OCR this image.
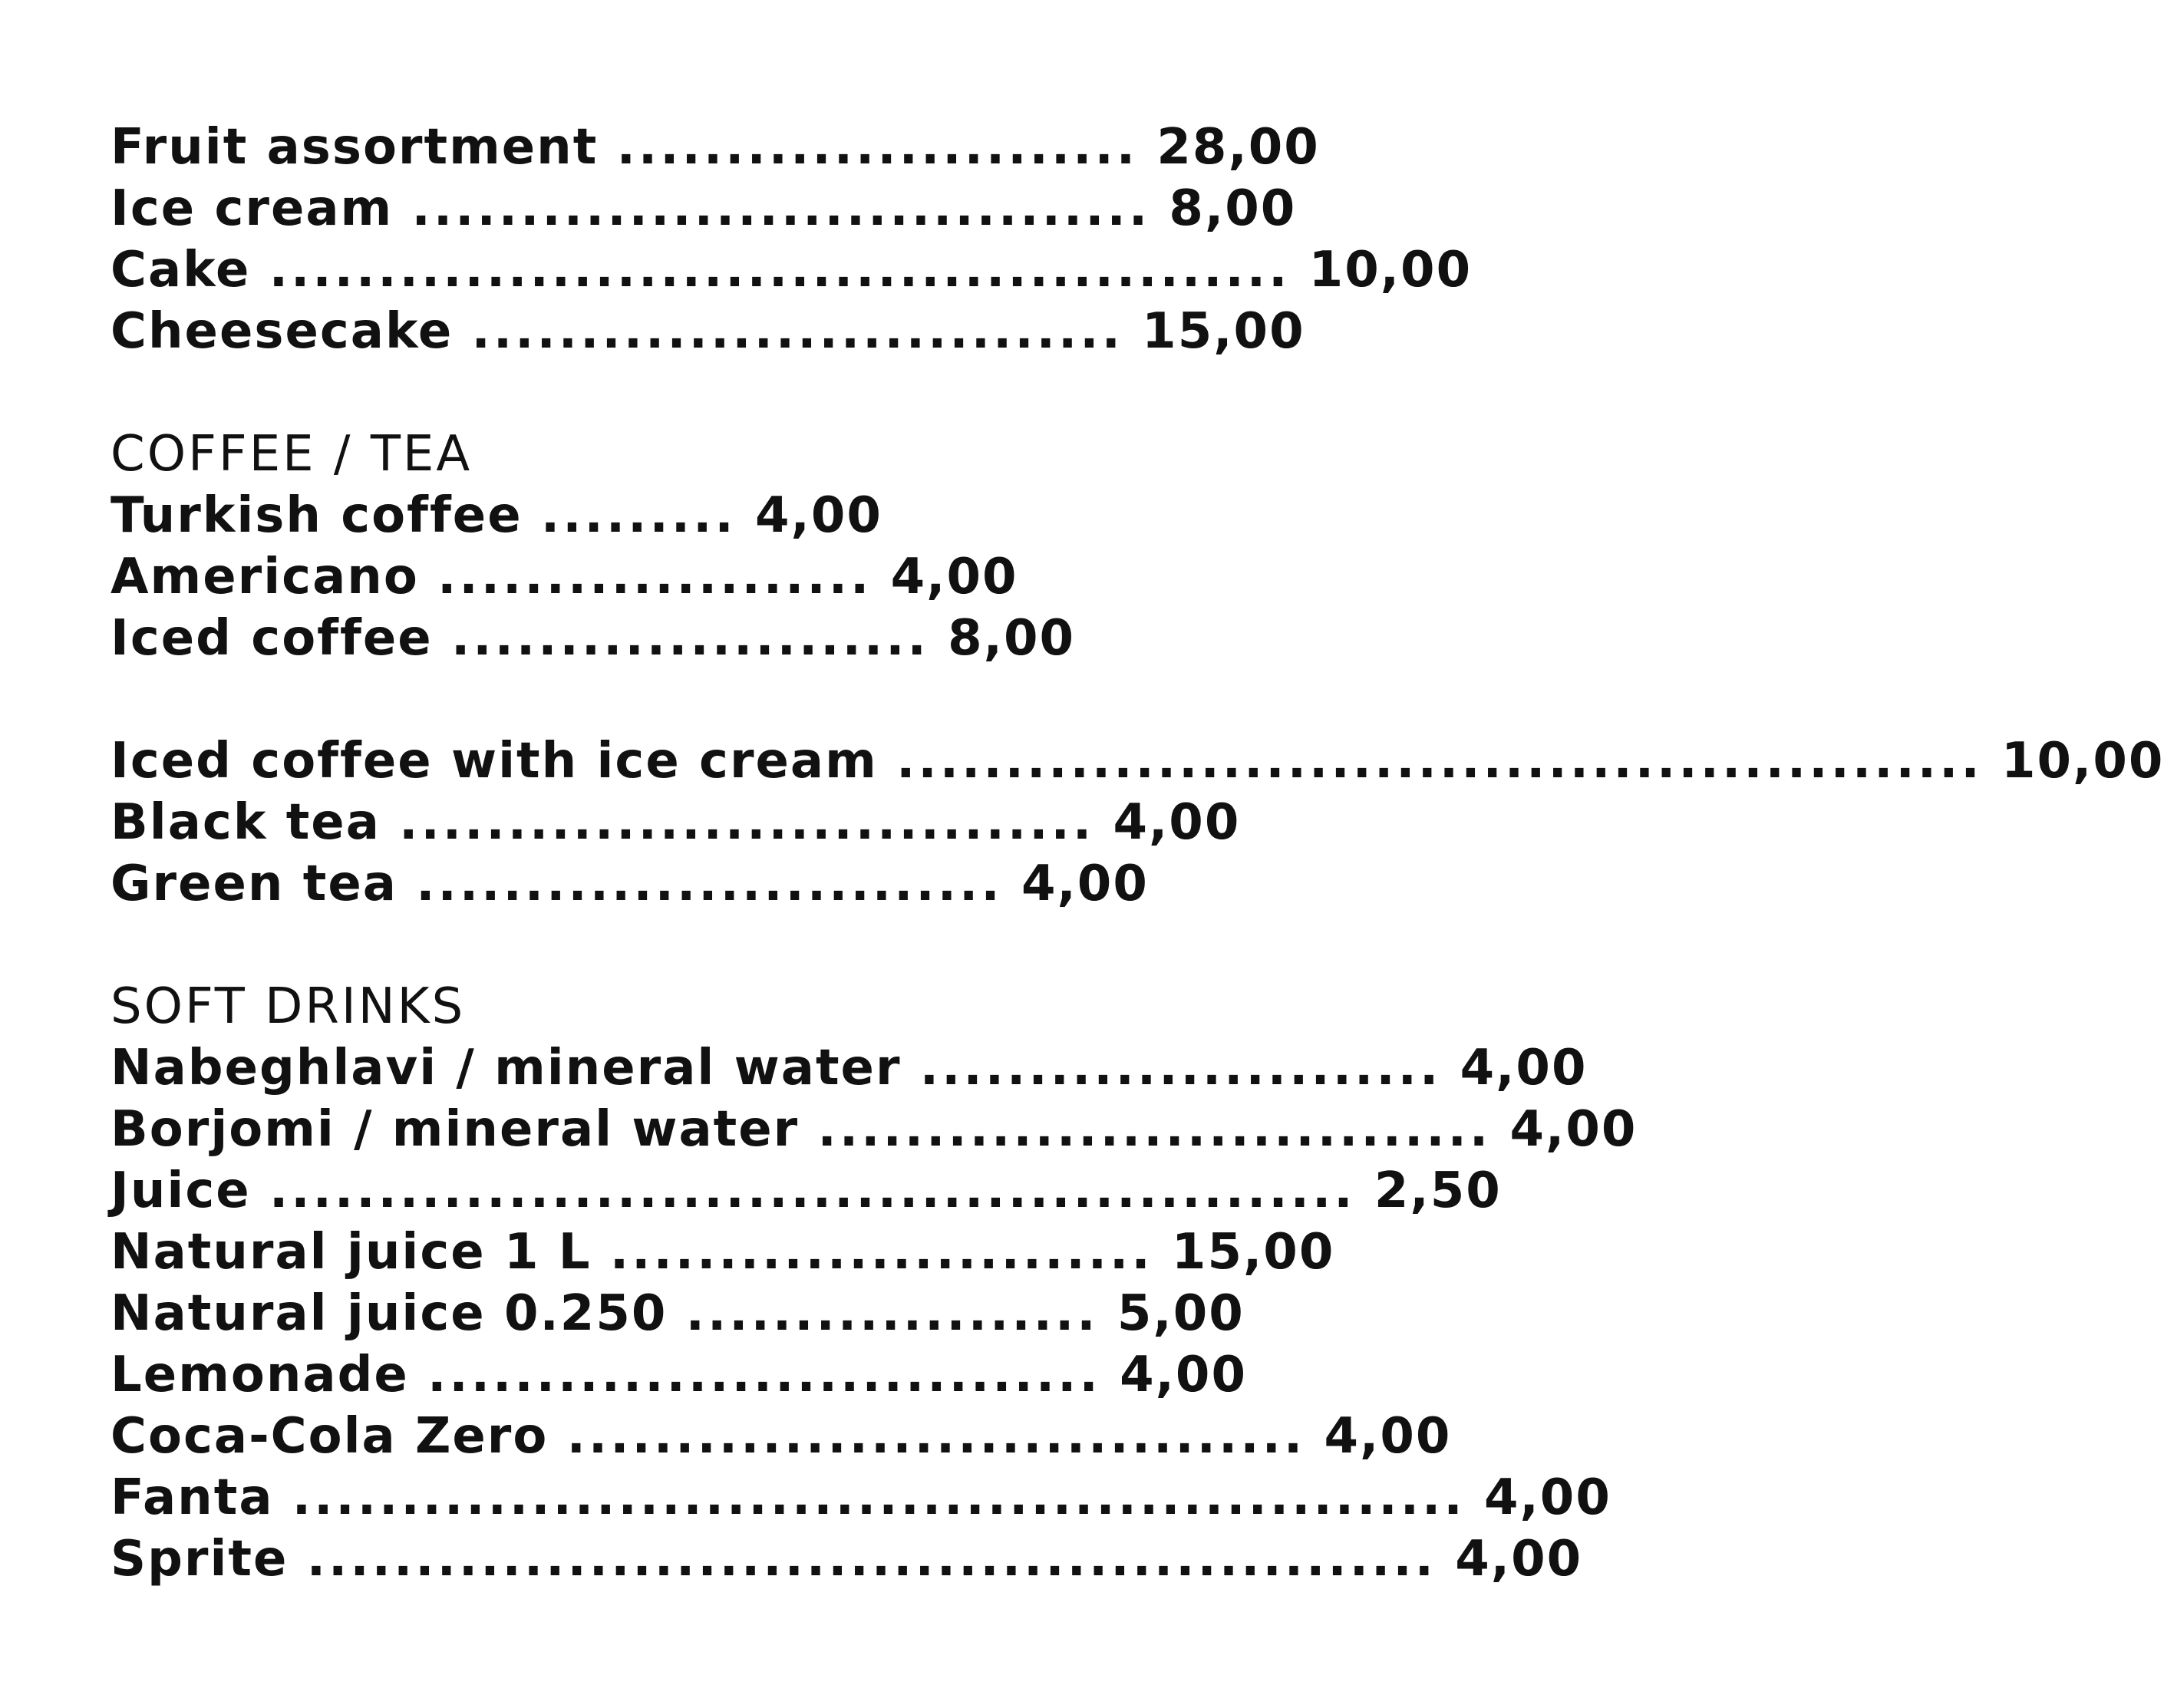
Fruit assortment ........................ 28,00
Ice cream .................................. 8,00
Cake ............................................... 10,00
Cheesecake .............................. 15,00
COFFEE / TEA
Turkish coffee ......... 4,00
Americano .................... 4,00
Iced coffee ...................... 8,00
Iced coffee with ice cream .................................................. 10,00
Black tea ................................ 4,00
Green tea ........................... 4,00
SOFT DRINKS
Nabeghlavi / mineral water ........................ 4,00
Borjomi / mineral water ............................... 4,00
Juice .................................................. 2,50
Natural juice 1 L ......................... 15,00
Natural juice 0.250 ................... 5,00
Lemonade ............................... 4,00
Coca-Cola Zero .................................. 4,00
Fanta ...................................................... 4,00
Sprite .................................................... 4,00
